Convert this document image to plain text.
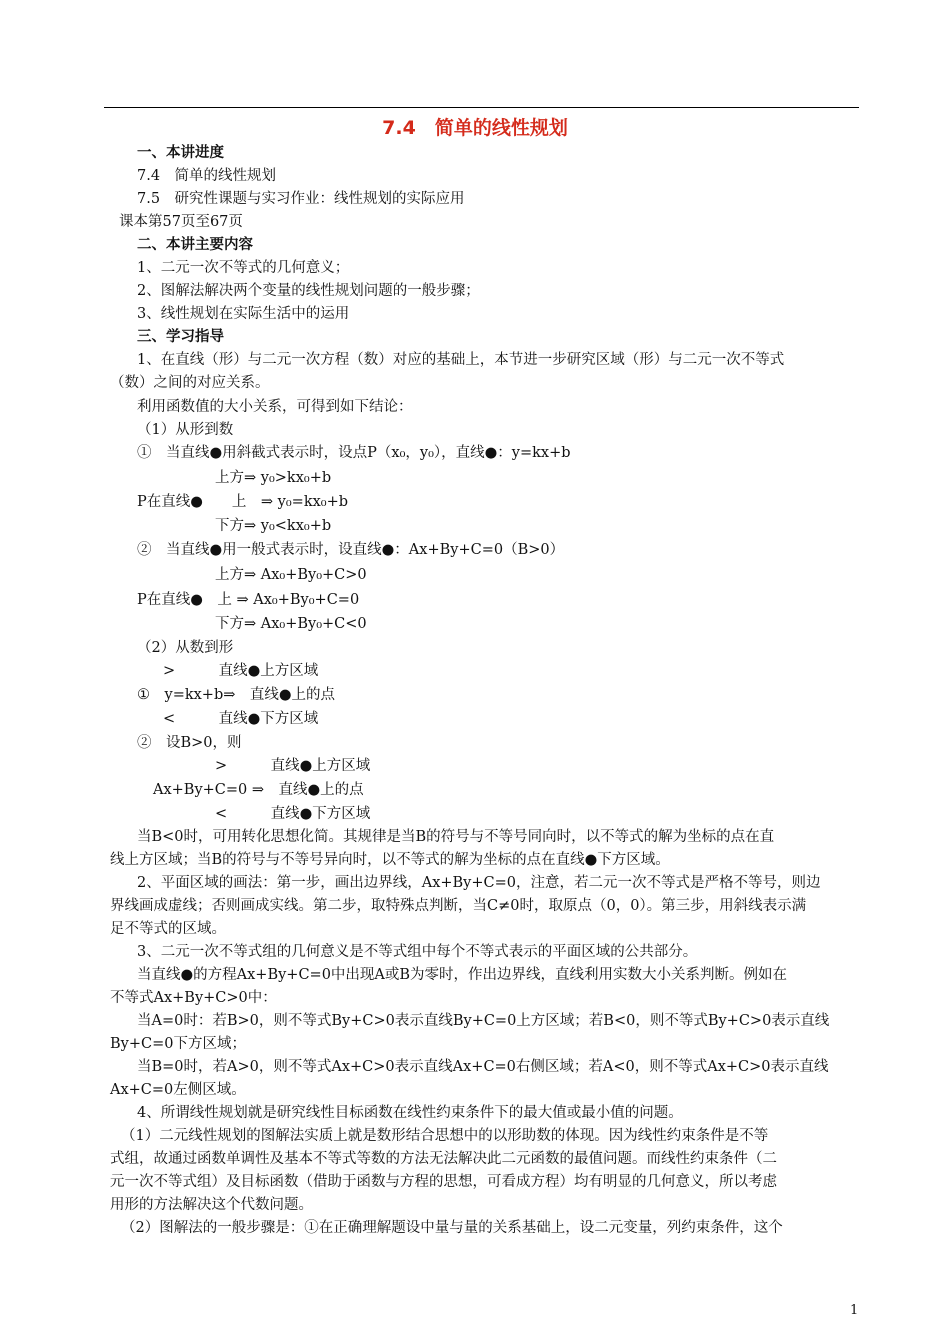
7.4　简单的线性规划
一、本讲进度
7.4　简单的线性规划
7.5　研究性课题与实习作业：线性规划的实际应用
课本第57页至67页
二、本讲主要内容
1、二元一次不等式的几何意义；
2、图解法解决两个变量的线性规划问题的一般步骤；
3、线性规划在实际生活中的运用
三、学习指导
1、在直线（形）与二元一次方程（数）对应的基础上，本节进一步研究区域（形）与二元一次不等式
（数）之间的对应关系。
利用函数值的大小关系，可得到如下结论：
（1）从形到数
①　当直线●用斜截式表示时，设点P（x₀，y₀），直线●：y=kx+b
上方⇒ y₀>kx₀+b
P在直线●　　上　⇒ y₀=kx₀+b
下方⇒ y₀<kx₀+b
②　当直线●用一般式表示时，设直线●：Ax+By+C=0（B>0）
上方⇒ Ax₀+By₀+C>0
P在直线●　上 ⇒ Ax₀+By₀+C=0
下方⇒ Ax₀+By₀+C<0
（2）从数到形
>　　　直线●上方区域
①　y=kx+b⇒　直线●上的点
<　　　直线●下方区域
②　设B>0，则
>　　　直线●上方区域
Ax+By+C=0 ⇒　直线●上的点
<　　　直线●下方区域
当B<0时，可用转化思想化简。其规律是当B的符号与不等号同向时，以不等式的解为坐标的点在直
线上方区域；当B的符号与不等号异向时，以不等式的解为坐标的点在直线●下方区域。
2、平面区域的画法：第一步，画出边界线，Ax+By+C=0，注意，若二元一次不等式是严格不等号，则边
界线画成虚线；否则画成实线。第二步，取特殊点判断，当C≠0时，取原点（0，0）。第三步，用斜线表示满
足不等式的区域。
3、二元一次不等式组的几何意义是不等式组中每个不等式表示的平面区域的公共部分。
当直线●的方程Ax+By+C=0中出现A或B为零时，作出边界线，直线利用实数大小关系判断。例如在
不等式Ax+By+C>0中：
当A=0时：若B>0，则不等式By+C>0表示直线By+C=0上方区域；若B<0，则不等式By+C>0表示直线
By+C=0下方区域；
当B=0时，若A>0，则不等式Ax+C>0表示直线Ax+C=0右侧区域；若A<0，则不等式Ax+C>0表示直线
Ax+C=0左侧区域。
4、所谓线性规划就是研究线性目标函数在线性约束条件下的最大值或最小值的问题。
（1）二元线性规划的图解法实质上就是数形结合思想中的以形助数的体现。因为线性约束条件是不等
式组，故通过函数单调性及基本不等式等数的方法无法解决此二元函数的最值问题。而线性约束条件（二
元一次不等式组）及目标函数（借助于函数与方程的思想，可看成方程）均有明显的几何意义，所以考虑
用形的方法解决这个代数问题。
（2）图解法的一般步骤是：①在正确理解题设中量与量的关系基础上，设二元变量，列约束条件，这个
1
